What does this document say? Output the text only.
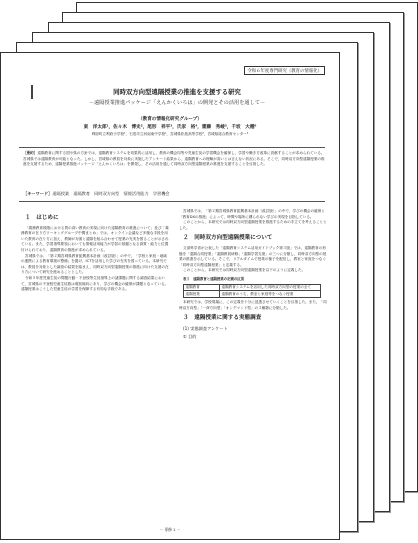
令和６年度専門研究（教育の情報化）
同時双方向型遠隔授業の推進を支援する研究
－遠隔授業推進パッケージ「えんかくいろは」の開発とその活用を通して－
（教育の情報化研究グループ）
東　洋太郎¹，佐々木　博史²，尾形　祥平³，氏家　裕⁴，齋藤　秀崚⁵，千坂　大穂⁶
利府町立利府小学校¹，石巻市立河南東中学校²，宮城県松島高等学校³，宮城県総合教育センター⁴
［要約］遠隔教育に関する国や県の方針では，遠隔教育システムを効果的に活用し，教育の機会均等や児童生徒の学習機会を確保し，学習や働き方改革に貢献することが求められている。宮城県では遠隔教育が可能となった。しかし，宮城県の教員を対象に実施したアンケート結果から，遠隔教育への理解が高いとは言えない状況にある。そこで，同時双方向型遠隔授業の推進を支援するため，遠隔授業推進パッケージ「えんかくいろは」を開発し，その活用を通して同時双方向型遠隔授業の推進を支援することを目指した。
［キーワード］遠隔授業　遠隔教育　同時双方向型　情報活用能力　学習機会
１　はじめに

「義務教育段階における質の高い教育の実現に向けた遠隔教育の推進について」及び「義務教育の在り方ワーキンググループ中間まとめ」では，オンライン会議など多様な手段を用いた教育の在り方に加え，教師が対面と遠隔を組み合わせて授業の充実を図ることが示されている。また，学習指導要領においても情報活用能力が学習の基盤となる資質・能力と位置付けられており，遠隔教育の推進が求められている。

宮城県では，「第２期宮城県教育振興基本計画（改訂版）」の中で，「学校と家庭・地域の連携による教育環境の整備」を掲げ，ICTを活用した学びの充実を図っている。本研究では，教員を対象とした調査の結果を踏まえ，同時双方向型遠隔授業の推進に向けた支援の在り方について研究を進めることとした。

令和５年度児童生徒の問題行動・不登校等生徒指導上の諸課題に関する調査結果において，宮城県の不登校児童生徒数は増加傾向にあり，学びの機会の確保が課題となっている。遠隔授業はこうした児童生徒の学習を保障する有効な手段である。

宮城県では，「第２期宮城県教育振興基本計画（改訂版）」の中で，学びの機会の確保と「教育DXの推進」によって，時間や場所に縛られない学びの実現を目指している。

このことから，本研究では同時双方向型遠隔授業を推進するための手立てを考えることとした。

２　同時双方向型遠隔授業について

文部科学省が公表した「遠隔教育システム活用ガイドブック第３版」では，遠隔教育の形態を「遠隔合同授業」「遠隔教員研修」「遠隔学習支援」の三つに分類し，同時双方向型の授業の推進を示している。そこで，リアルタイムで授業の様子を配信し，教室と家庭をつなぐ「同時双方向型遠隔授業」と定義する。

このことから，本研究では同時双方向型遠隔授業を以下のように定義した。

表１　遠隔教育と遠隔授業の定義の区別
遠隔教育	遠隔教育システムを活用した同時双方向型の授業の全て
遠隔授業	遠隔教育のうち，教室と家庭等をつなぐ授業

本研究では，学校現場に，この定義を十分に浸透させていくことを目指した。また，「同時双方向型」「一斉方向型」「オンデマンド型」の３種類に分類した。

３　遠隔授業に関する実態調査
(1) 実態調査アンケート
① 目的
－ 専修 1 －
